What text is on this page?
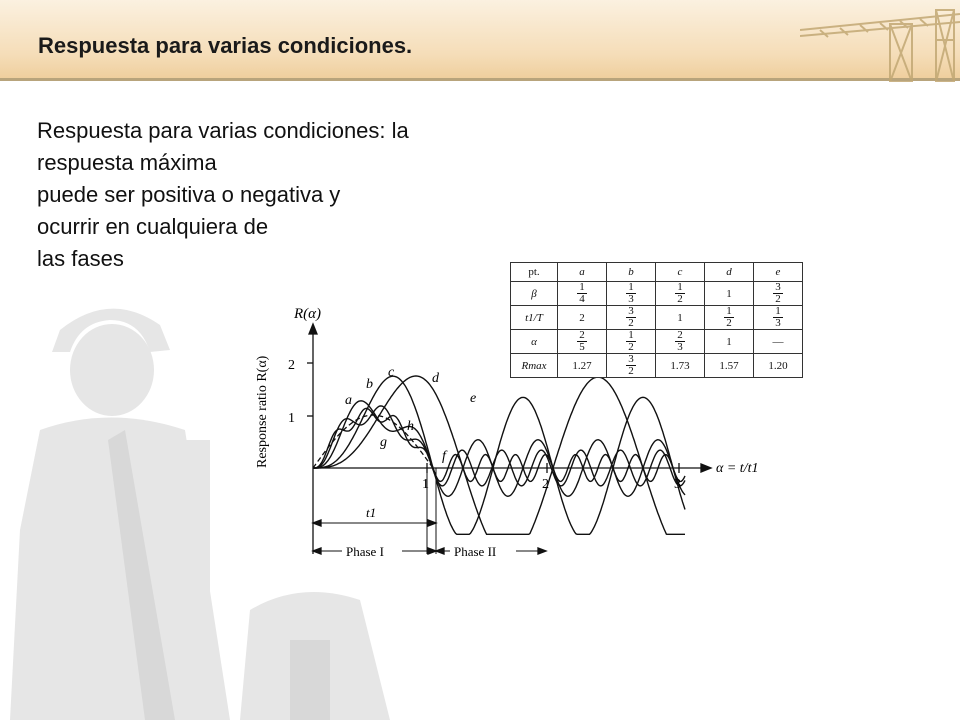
Respuesta para varias condiciones.
Respuesta para varias condiciones: la
respuesta máxima
puede ser positiva o negativa y
ocurrir en cualquiera de
las fases
R(α)
Response ratio R(α) 1
2
1	2	3
α = t/t1
t1
Phase I	Phase II
a
b
c	d
e
f
g
h
pt.	a	b	c	d	e
β	$\frac{1}{4}$	$\frac{1}{3}$	$\frac{1}{2}$	1	$\frac{3}{2}$

t1/T	2	$\frac{3}{2}$	1	$\frac{1}{2}$	$\frac{1}{3}$

α	$\frac{2}{5}$	$\frac{1}{2}$	$\frac{2}{3}$	1	—
Rmax	1.27	$\frac{3}{2}$	1.73	1.57	1.20
